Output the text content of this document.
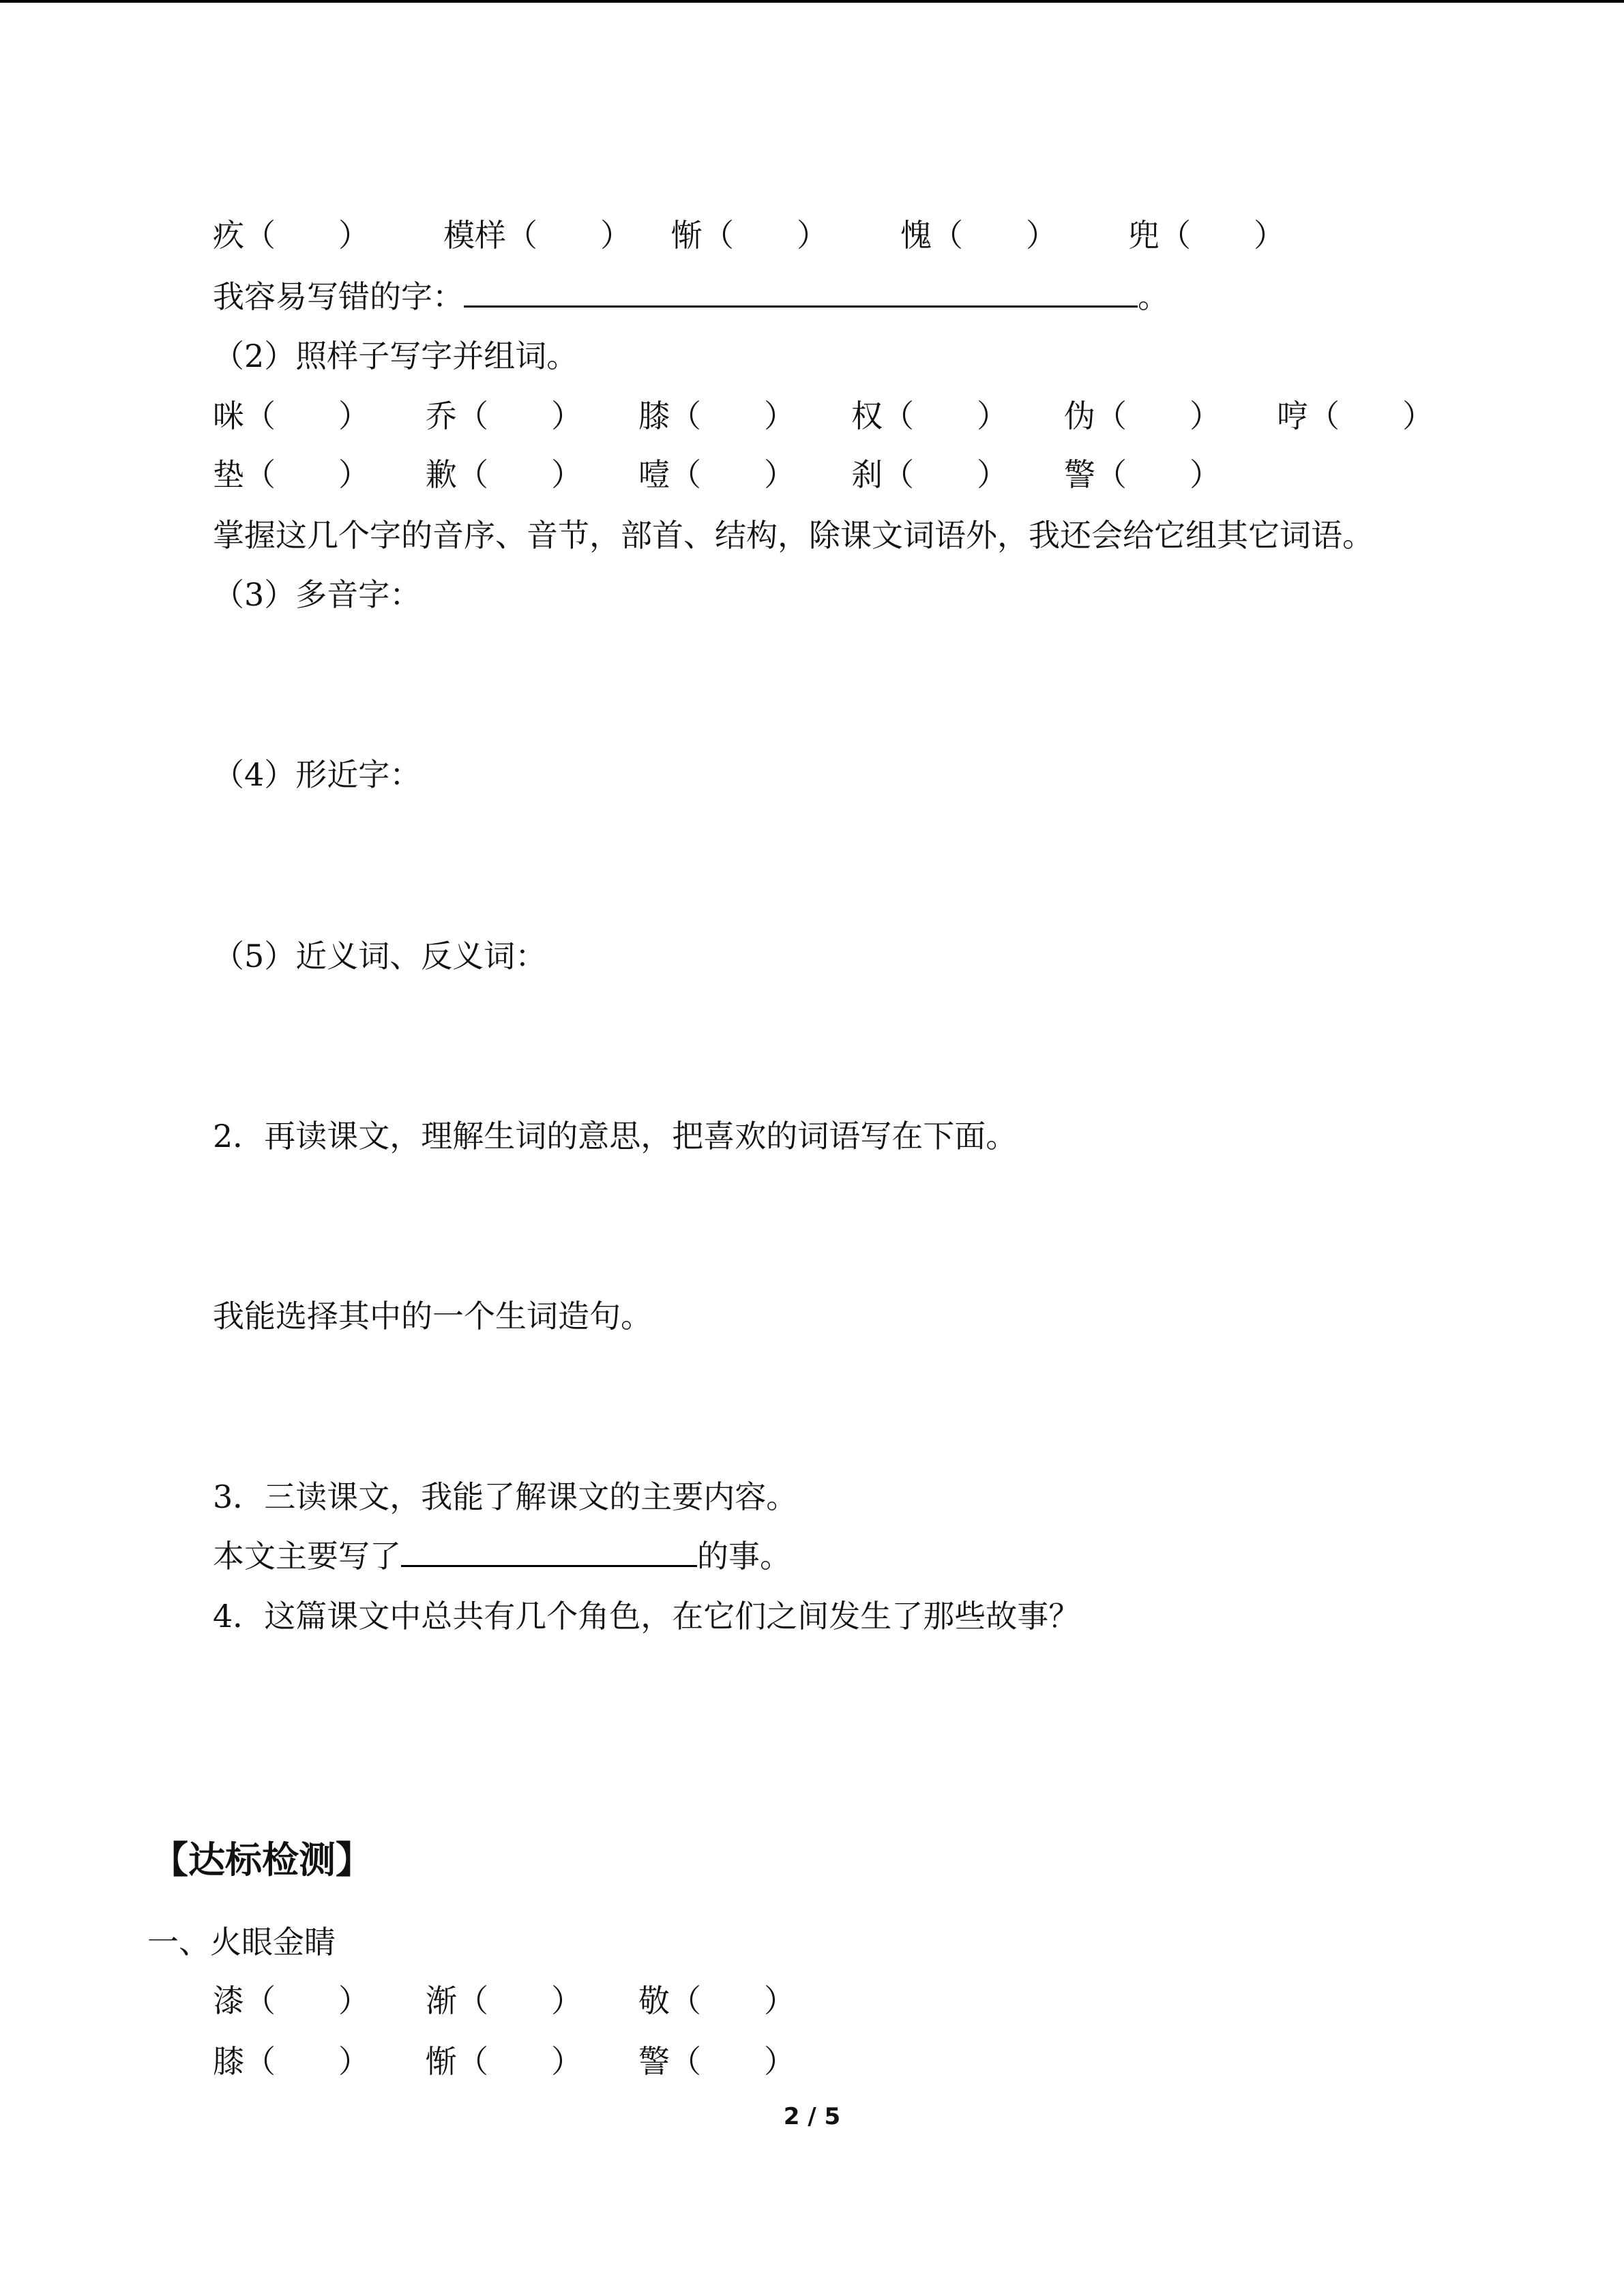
疚（　　） 模样（　　） 惭（　　） 愧（　　） 兜（　　）
我容易写错的字：	。
（2）照样子写字并组词。
咪（　　） 乔（　　） 膝（　　） 权（　　） 伪（　　） 哼（　　）
垫（　　） 歉（　　） 噎（　　） 刹（　　） 警（　　）
掌握这几个字的音序、音节，部首、结构，除课文词语外，我还会给它组其它词语。
（3）多音字：
（4）形近字：
（5）近义词、反义词：
2．再读课文，理解生词的意思，把喜欢的词语写在下面。
我能选择其中的一个生词造句。
3．三读课文，我能了解课文的主要内容。
本文主要写了	的事。
4．这篇课文中总共有几个角色，在它们之间发生了那些故事？
【达标检测】
一、火眼金睛
漆（　　） 渐（　　） 敬（　　）
膝（　　） 惭（　　） 警（　　）
2 / 5
